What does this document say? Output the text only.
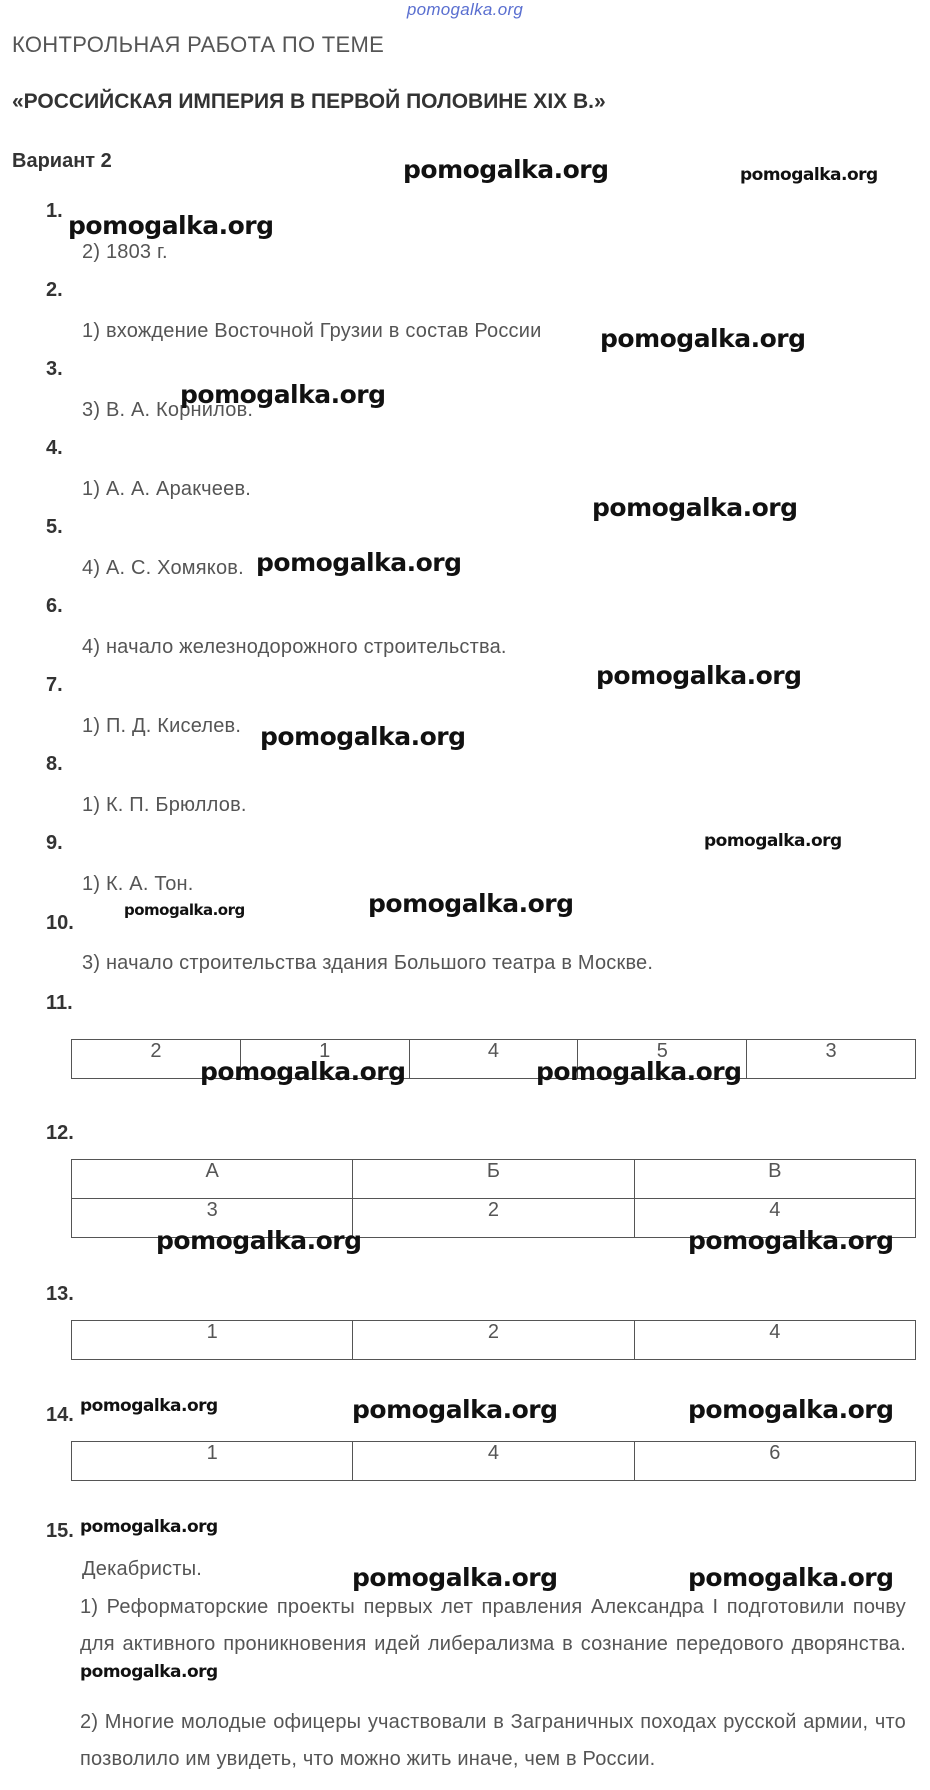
pomogalka.org
КОНТРОЛЬНАЯ РАБОТА ПО ТЕМЕ
«РОССИЙСКАЯ ИМПЕРИЯ В ПЕРВОЙ ПОЛОВИНЕ XIX В.»
Вариант 2
1.
2) 1803 г.
2.
1) вхождение Восточной Грузии в состав России
3.
3) В. А. Корнилов.
4.
1) А. А. Аракчеев.
5.
4) А. С. Хомяков.
6.
4) начало железнодорожного строительства.
7.
1) П. Д. Киселев.
8.
1) К. П. Брюллов.
9.
1) К. А. Тон.
10.
3) начало строительства здания Большого театра в Москве.
11.
2	1	4	5	3
12.
А	Б	В
3	2	4
13.
1	2	4
14.
1	4	6
15.
Декабристы.
1) Реформаторские проекты первых лет правления Александра I подготовили почву для активного проникновения идей либерализма в сознание передового дворянства.
2) Многие молодые офицеры участвовали в Заграничных походах русской армии, что позволило им увидеть, что можно жить иначе, чем в России.
pomogalka.org	pomogalka.org
pomogalka.org
pomogalka.org
pomogalka.org
pomogalka.org
pomogalka.org
pomogalka.org
pomogalka.org
pomogalka.org
pomogalka.org
pomogalka.org
pomogalka.org	pomogalka.org
pomogalka.org	pomogalka.org
pomogalka.org	pomogalka.org	pomogalka.org
pomogalka.org
pomogalka.org	pomogalka.org
pomogalka.org
